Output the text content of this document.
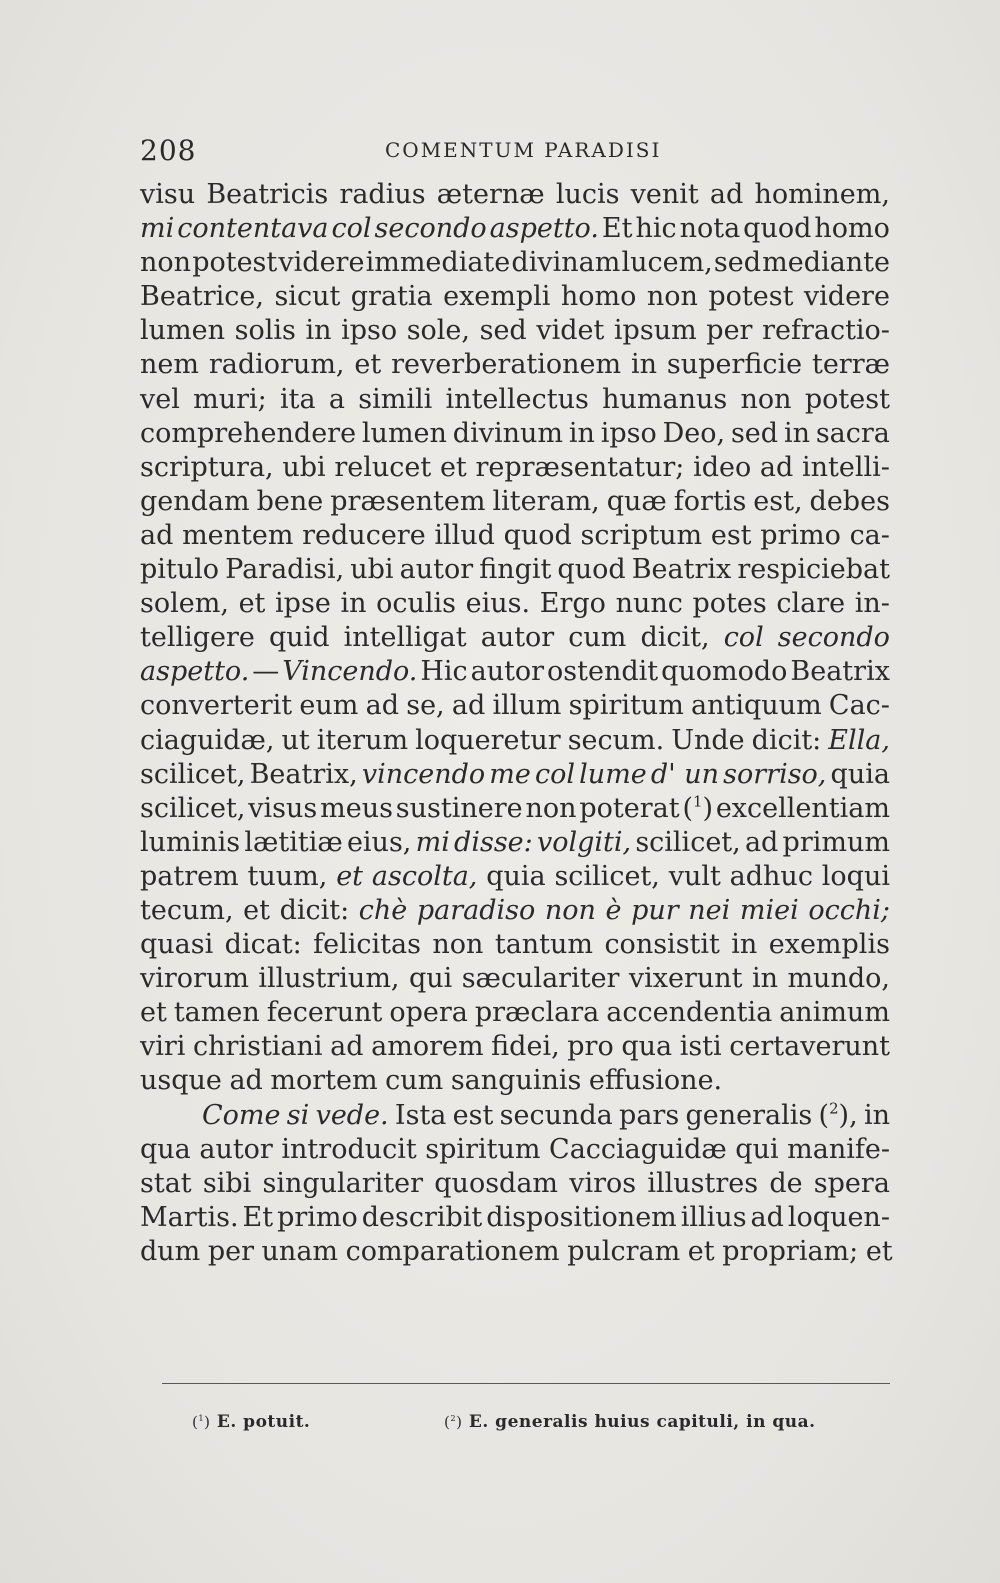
208	COMENTUM PARADISI
visu Beatricis radius æternæ lucis venit ad hominem,
mi contentava col secondo aspetto. Et hic nota quod homo
non potest videre immediate divinam lucem, sed mediante
Beatrice, sicut gratia exempli homo non potest videre
lumen solis in ipso sole, sed videt ipsum per refractio-
nem radiorum, et reverberationem in superficie terræ
vel muri; ita a simili intellectus humanus non potest
comprehendere lumen divinum in ipso Deo, sed in sacra
scriptura, ubi relucet et repræsentatur; ideo ad intelli-
gendam bene præsentem literam, quæ fortis est, debes
ad mentem reducere illud quod scriptum est primo ca-
pitulo Paradisi, ubi autor fingit quod Beatrix respiciebat
solem, et ipse in oculis eius. Ergo nunc potes clare in-
telligere quid intelligat autor cum dicit, col secondo
aspetto. — Vincendo. Hic autor ostendit quomodo Beatrix
converterit eum ad se, ad illum spiritum antiquum Cac-
ciaguidæ, ut iterum loqueretur secum. Unde dicit: Ella,
scilicet, Beatrix, vincendo me col lume d' un sorriso, quia
scilicet, visus meus sustinere non poterat ($^1$) excellentiam
luminis lætitiæ eius, mi disse: volgiti, scilicet, ad primum
patrem tuum, et ascolta, quia scilicet, vult adhuc loqui
tecum, et dicit: chè paradiso non è pur nei miei occhi;
quasi dicat: felicitas non tantum consistit in exemplis
virorum illustrium, qui sæculariter vixerunt in mundo,
et tamen fecerunt opera præclara accendentia animum
viri christiani ad amorem fidei, pro qua isti certaverunt
usque ad mortem cum sanguinis effusione.
Come si vede. Ista est secunda pars generalis ($^2$), in
qua autor introducit spiritum Cacciaguidæ qui manife-
stat sibi singulariter quosdam viros illustres de spera
Martis. Et primo describit dispositionem illius ad loquen-
dum per unam comparationem pulcram et propriam; et
($^1$) E. potuit.	($^2$) E. generalis huius capituli, in qua.
